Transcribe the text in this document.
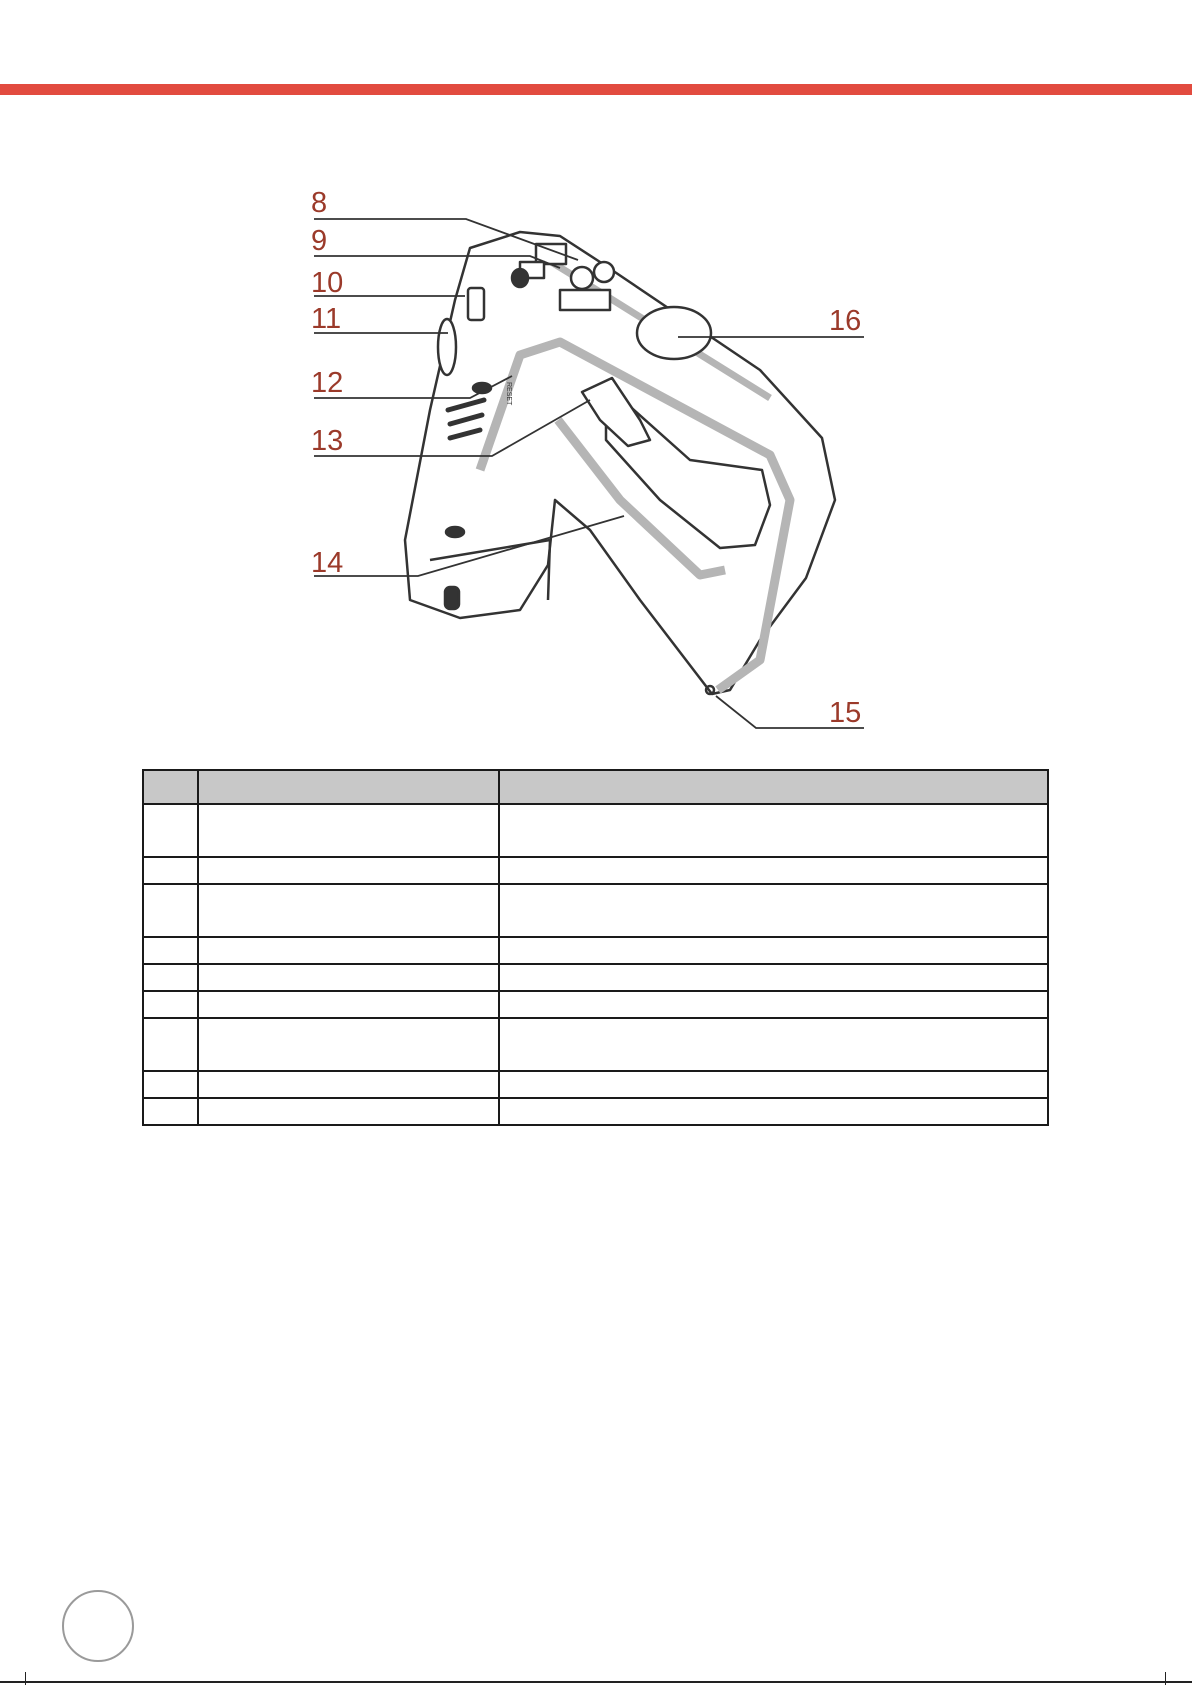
8
9
10
11
12
13
14
15
16
RESET
